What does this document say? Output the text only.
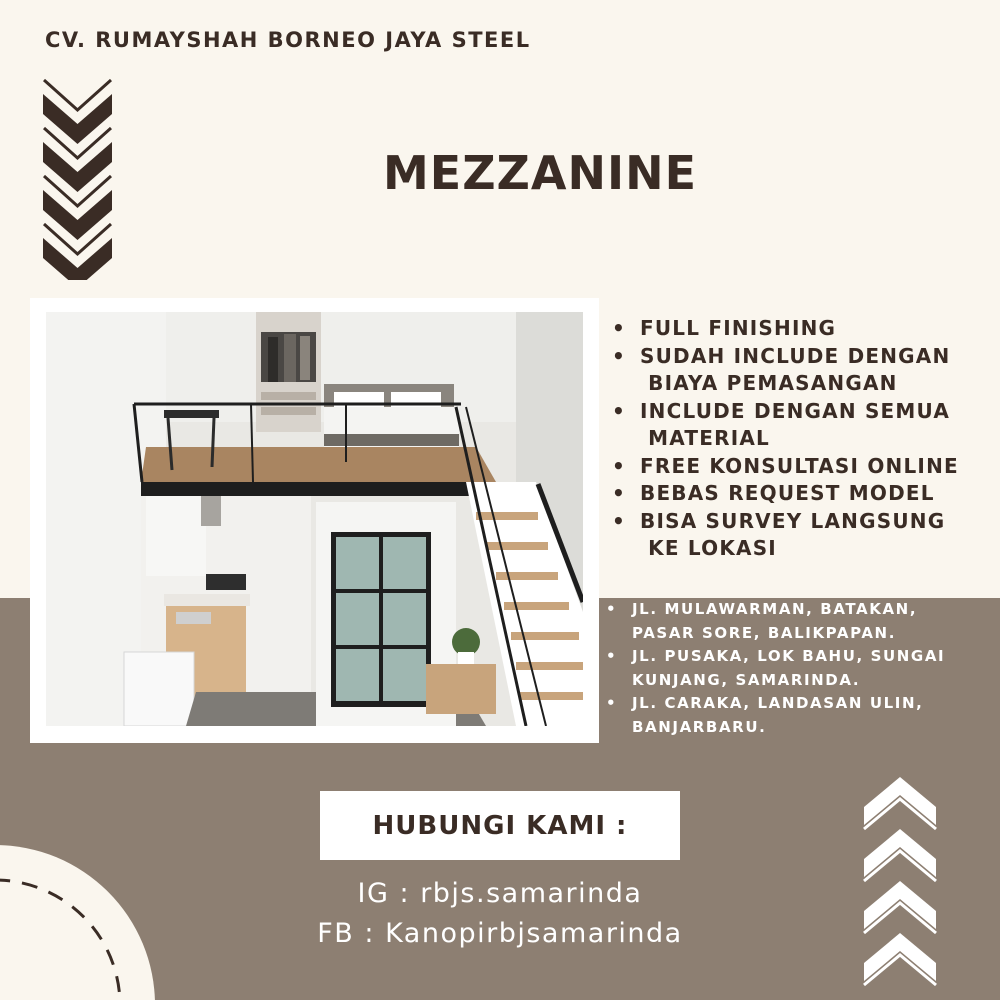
CV. RUMAYSHAH BORNEO JAYA STEEL
MEZZANINE
• FULL FINISHING
• SUDAH INCLUDE DENGAN
BIAYA PEMASANGAN
• INCLUDE DENGAN SEMUA
MATERIAL
• FREE KONSULTASI ONLINE
• BEBAS REQUEST MODEL
• BISA SURVEY LANGSUNG
KE LOKASI
• JL. MULAWARMAN, BATAKAN,
PASAR SORE, BALIKPAPAN.
• JL. PUSAKA, LOK BAHU, SUNGAI
KUNJANG, SAMARINDA.
• JL. CARAKA, LANDASAN ULIN,
BANJARBARU.
HUBUNGI KAMI :
IG : rbjs.samarinda
FB : Kanopirbjsamarinda
